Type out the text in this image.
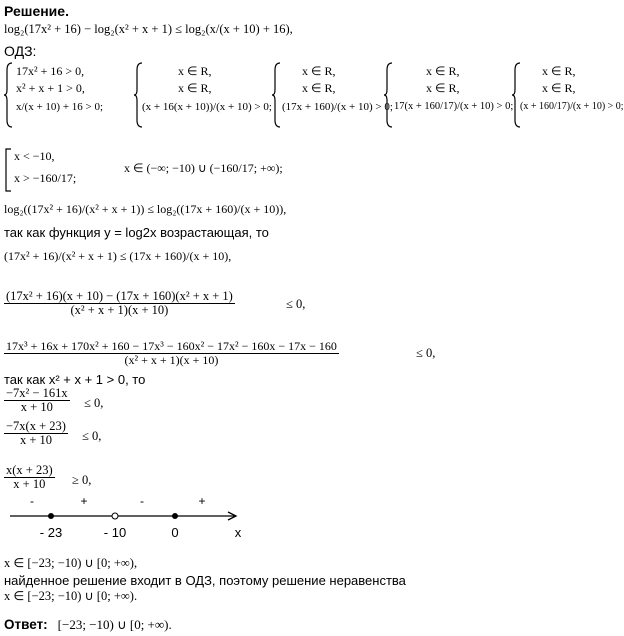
Решение.
log₂(17x² + 16) − log₂(x² + x + 1) ≤ log₂(x/(x + 10) + 16),
ОДЗ:
17x² + 16 > 0,
x² + x + 1 > 0,
x/(x + 10) + 16 > 0;
x ∈ R,
x ∈ R,
(x + 16(x + 10))/(x + 10) > 0;
x ∈ R,
x ∈ R,
(17x + 160)/(x + 10) > 0;
x ∈ R,
x ∈ R,
17(x + 160/17)/(x + 10) > 0;
x ∈ R,
x ∈ R,
(x + 160/17)/(x + 10) > 0;
x < −10,
x > −160/17;
x ∈ (−∞; −10) ∪ (−160/17; +∞);
log₂((17x² + 16)/(x² + x + 1)) ≤ log₂((17x + 160)/(x + 10)),
так как функция y = log2x возрастающая, то
(17x² + 16)/(x² + x + 1) ≤ (17x + 160)/(x + 10),
$\frac{\text{(17x² + 16)(x + 10) − (17x + 160)(x² + x + 1)}}{\text{(x² + x + 1)(x + 10)}}$	≤ 0,
17x³ + 16x + 170x² + 160 − 17x³ − 160x² − 17x² − 160x − 17x − 160
(x² + x + 1)(x + 10)	≤ 0,
так как x² + x + 1 > 0, то
$\frac{\text{−7x² − 161x}}{x + 10} \le 0$,
$\frac{-7x(x + 23)}{x + 10} \le 0$,
$\frac{x(x + 23)}{x + 10} \ge 0$,
-	+	-	+
- 23	- 10	0	x
x ∈ [−23; −10) ∪ [0; +∞),
найденное решение входит в ОДЗ, поэтому решение неравенства
x ∈ [−23; −10) ∪ [0; +∞).
Ответ: [−23; −10) ∪ [0; +∞).
